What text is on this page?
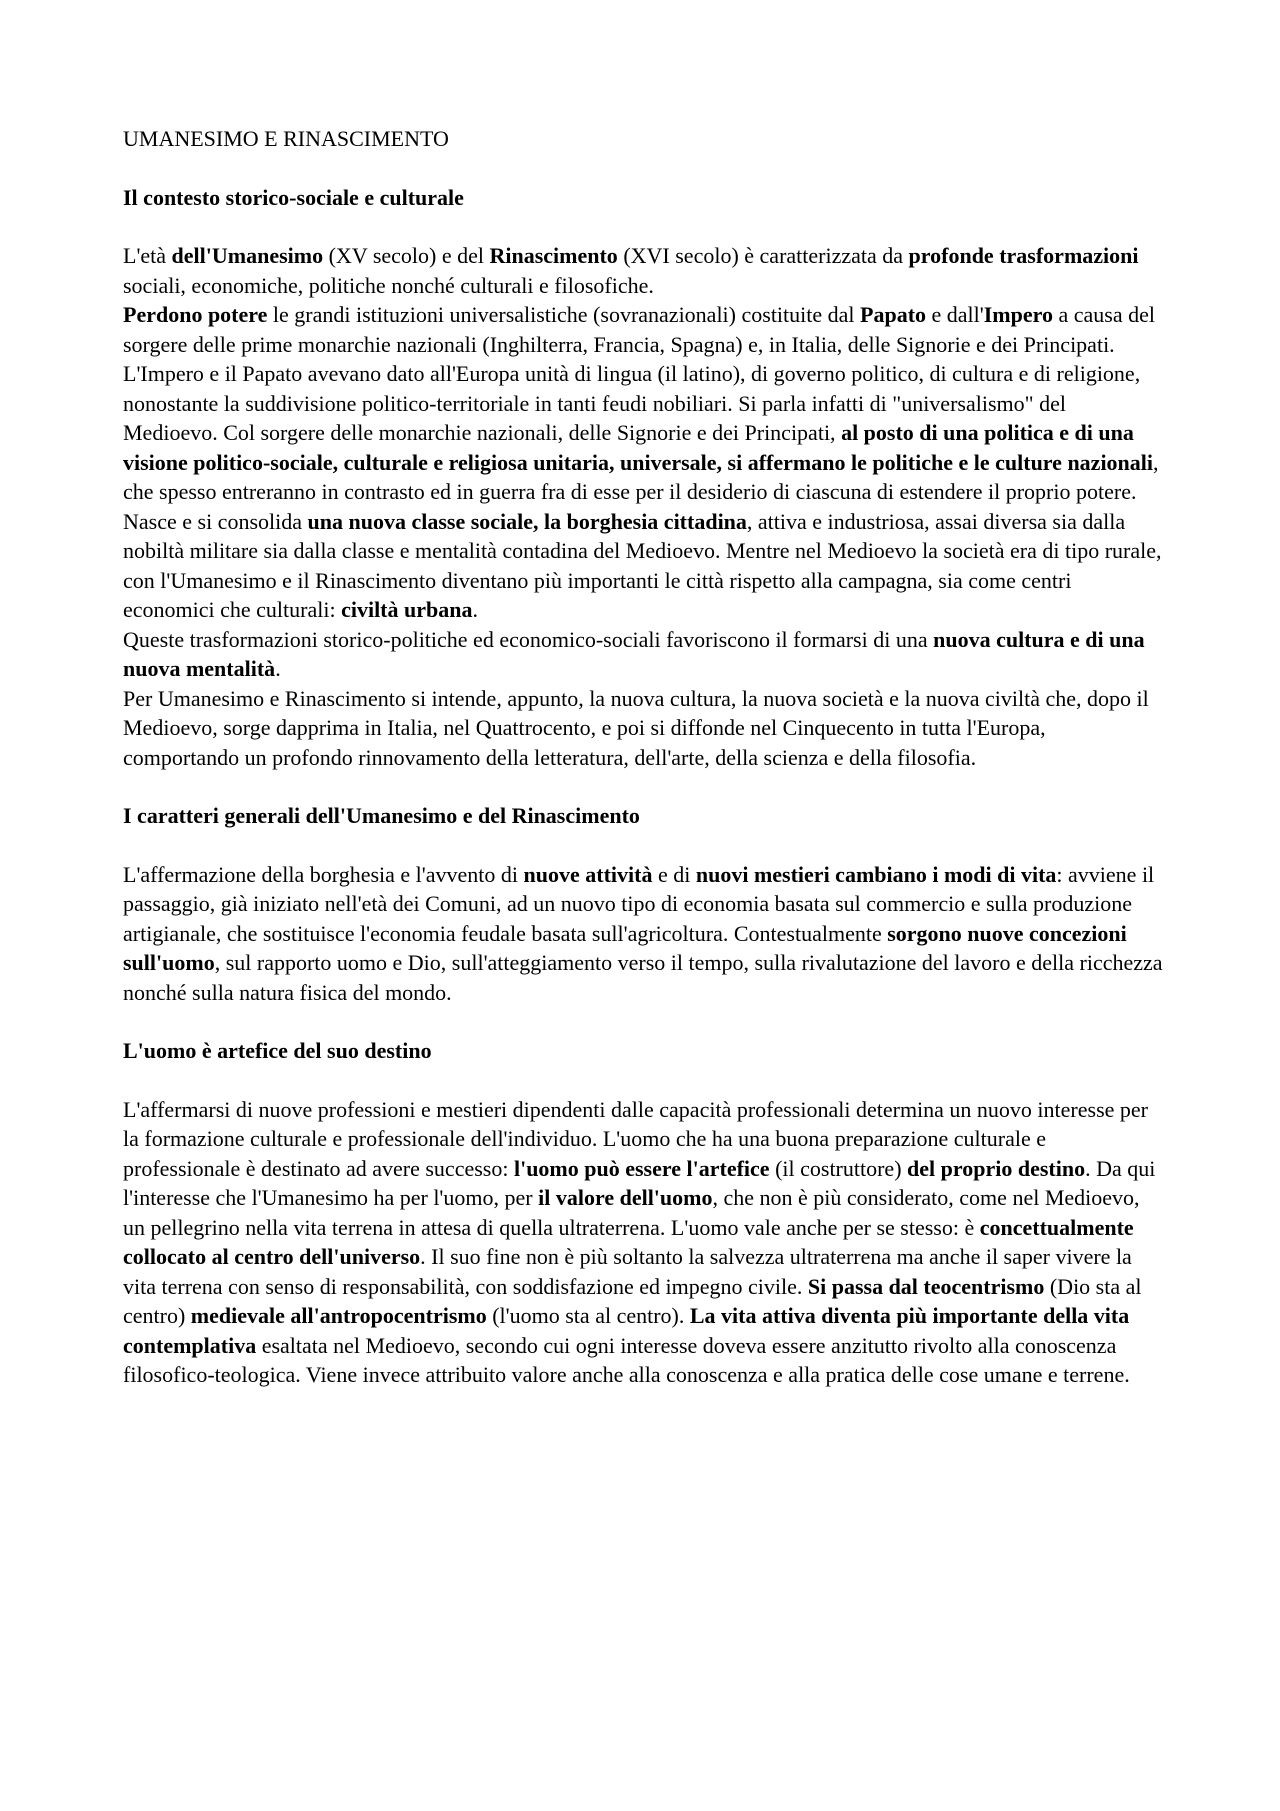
UMANESIMO E RINASCIMENTO
Il contesto storico-sociale e culturale

L'età dell'Umanesimo (XV secolo) e del Rinascimento (XVI secolo) è caratterizzata da profonde trasformazioni sociali, economiche, politiche nonché culturali e filosofiche.

Perdono potere le grandi istituzioni universalistiche (sovranazionali) costituite dal Papato e dall'Impero a causa del sorgere delle prime monarchie nazionali (Inghilterra, Francia, Spagna) e, in Italia, delle Signorie e dei Principati. L'Impero e il Papato avevano dato all'Europa unità di lingua (il latino), di governo politico, di cultura e di religione, nonostante la suddivisione politico-territoriale in tanti feudi nobiliari. Si parla infatti di "universalismo" del Medioevo. Col sorgere delle monarchie nazionali, delle Signorie e dei Principati, al posto di una politica e di una visione politico-sociale, culturale e religiosa unitaria, universale, si affermano le politiche e le culture nazionali, che spesso entreranno in contrasto ed in guerra fra di esse per il desiderio di ciascuna di estendere il proprio potere.

Nasce e si consolida una nuova classe sociale, la borghesia cittadina, attiva e industriosa, assai diversa sia dalla nobiltà militare sia dalla classe e mentalità contadina del Medioevo. Mentre nel Medioevo la società era di tipo rurale, con l'Umanesimo e il Rinascimento diventano più importanti le città rispetto alla campagna, sia come centri economici che culturali: civiltà urbana.

Queste trasformazioni storico-politiche ed economico-sociali favoriscono il formarsi di una nuova cultura e di una nuova mentalità.

Per Umanesimo e Rinascimento si intende, appunto, la nuova cultura, la nuova società e la nuova civiltà che, dopo il Medioevo, sorge dapprima in Italia, nel Quattrocento, e poi si diffonde nel Cinquecento in tutta l'Europa, comportando un profondo rinnovamento della letteratura, dell'arte, della scienza e della filosofia.

I caratteri generali dell'Umanesimo e del Rinascimento

L'affermazione della borghesia e l'avvento di nuove attività e di nuovi mestieri cambiano i modi di vita: avviene il passaggio, già iniziato nell'età dei Comuni, ad un nuovo tipo di economia basata sul commercio e sulla produzione artigianale, che sostituisce l'economia feudale basata sull'agricoltura. Contestualmente sorgono nuove concezioni sull'uomo, sul rapporto uomo e Dio, sull'atteggiamento verso il tempo, sulla rivalutazione del lavoro e della ricchezza nonché sulla natura fisica del mondo.

L'uomo è artefice del suo destino

L'affermarsi di nuove professioni e mestieri dipendenti dalle capacità professionali determina un nuovo interesse per la formazione culturale e professionale dell'individuo. L'uomo che ha una buona preparazione culturale e professionale è destinato ad avere successo: l'uomo può essere l'artefice (il costruttore) del proprio destino. Da qui l'interesse che l'Umanesimo ha per l'uomo, per il valore dell'uomo, che non è più considerato, come nel Medioevo, un pellegrino nella vita terrena in attesa di quella ultraterrena. L'uomo vale anche per se stesso: è concettualmente collocato al centro dell'universo. Il suo fine non è più soltanto la salvezza ultraterrena ma anche il saper vivere la vita terrena con senso di responsabilità, con soddisfazione ed impegno civile. Si passa dal teocentrismo (Dio sta al centro) medievale all'antropocentrismo (l'uomo sta al centro). La vita attiva diventa più importante della vita contemplativa esaltata nel Medioevo, secondo cui ogni interesse doveva essere anzitutto rivolto alla conoscenza filosofico-teologica. Viene invece attribuito valore anche alla conoscenza e alla pratica delle cose umane e terrene.
